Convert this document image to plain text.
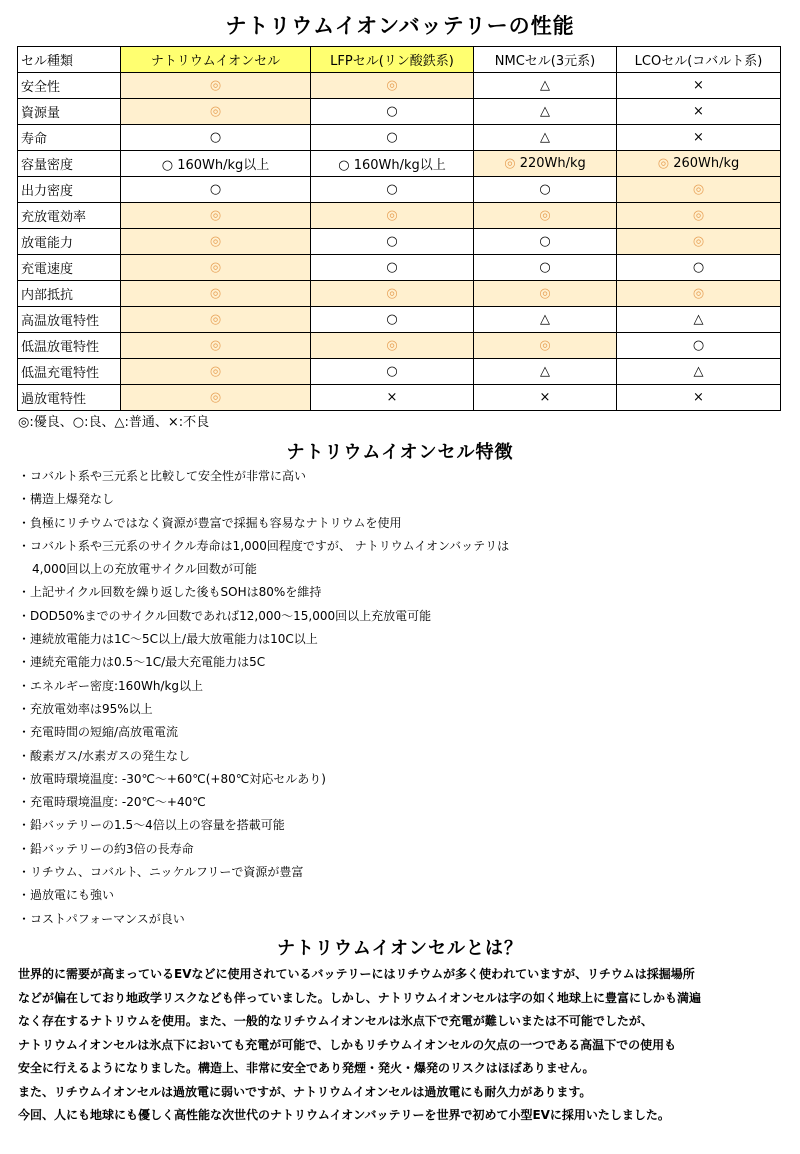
ナトリウムイオンバッテリーの性能
セル種類	ナトリウムイオンセル	LFPセル(リン酸鉄系)	NMCセル(3元系)	LCOセル(コバルト系)
安全性	◎	◎	△	×
資源量	◎	○	△	×
寿命	○	○	△	×
容量密度	○ 160Wh/kg以上	○ 160Wh/kg以上	◎ 220Wh/kg	◎ 260Wh/kg
出力密度	○	○	○	◎
充放電効率	◎	◎	◎	◎
放電能力	◎	○	○	◎
充電速度	◎	○	○	○
内部抵抗	◎	◎	◎	◎
高温放電特性	◎	○	△	△
低温放電特性	◎	◎	◎	○
低温充電特性	◎	○	△	△
過放電特性	◎	×	×	×
◎:優良、○:良、△:普通、×:不良
ナトリウムイオンセル特徴
・コバルト系や三元系と比較して安全性が非常に高い
・構造上爆発なし
・負極にリチウムではなく資源が豊富で採掘も容易なナトリウムを使用
・コバルト系や三元系のサイクル寿命は1,000回程度ですが、 ナトリウムイオンバッテリは
4,000回以上の充放電サイクル回数が可能
・上記サイクル回数を繰り返した後もSOHは80%を維持
・DOD50%までのサイクル回数であれば12,000～15,000回以上充放電可能
・連続放電能力は1C～5C以上/最大放電能力は10C以上
・連続充電能力は0.5～1C/最大充電能力は5C
・エネルギー密度:160Wh/kg以上
・充放電効率は95%以上
・充電時間の短縮/高放電電流
・酸素ガス/水素ガスの発生なし
・放電時環境温度: -30℃～+60℃(+80℃対応セルあり)
・充電時環境温度: -20℃～+40℃
・鉛バッテリーの1.5～4倍以上の容量を搭載可能
・鉛バッテリーの約3倍の長寿命
・リチウム、コバルト、ニッケルフリーで資源が豊富
・過放電にも強い
・コストパフォーマンスが良い
ナトリウムイオンセルとは？
世界的に需要が高まっているEVなどに使用されているバッテリーにはリチウムが多く使われていますが、リチウムは採掘場所
などが偏在しており地政学リスクなども伴っていました。しかし、ナトリウムイオンセルは字の如く地球上に豊富にしかも満遍
なく存在するナトリウムを使用。また、一般的なリチウムイオンセルは氷点下で充電が難しいまたは不可能でしたが、
ナトリウムイオンセルは氷点下においても充電が可能で、しかもリチウムイオンセルの欠点の一つである高温下での使用も
安全に行えるようになりました。構造上、非常に安全であり発煙・発火・爆発のリスクはほぼありません。
また、リチウムイオンセルは過放電に弱いですが、ナトリウムイオンセルは過放電にも耐久力があります。
今回、人にも地球にも優しく高性能な次世代のナトリウムイオンバッテリーを世界で初めて小型EVに採用いたしました。
